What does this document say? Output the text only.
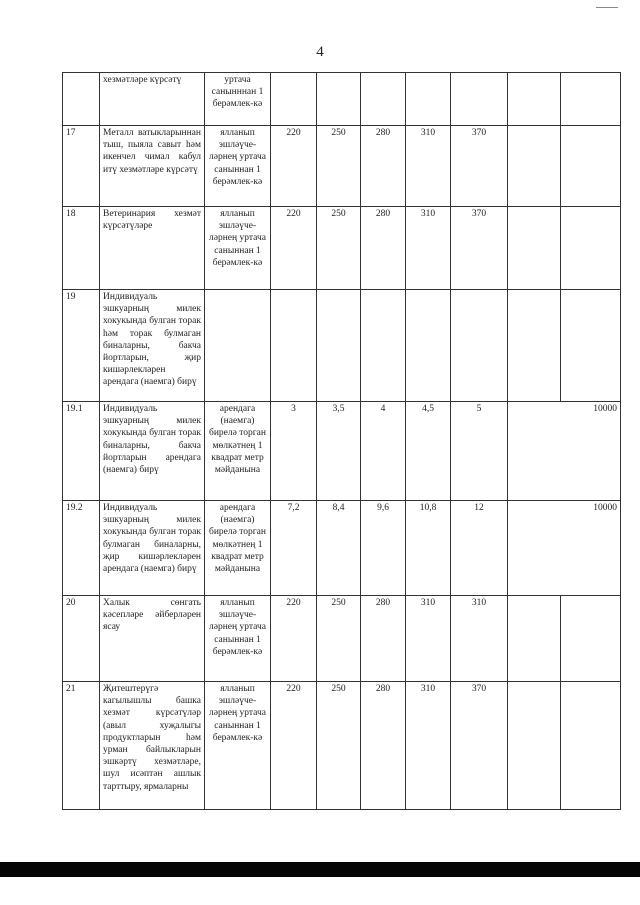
4
	хезмәтләре күрсәтү	уртача санынннан 1 берәмлек-кә							
17	Металл ватыкларыннан тыш, пыяла савыт һәм икенчел чимал кабул итү хезмәтләре күрсәтү	ялланып эшләүче-ләрнең уртача саныннан 1 берәмлек-кә	220	250	280	310	370		
18	Ветеринария хезмәт күрсәтүләре	ялланып эшләүче-ләрнең уртача саныннан 1 берәмлек-кә	220	250	280	310	370		
19	Индивидуаль эшкуарның милек хокукында булган торак һәм торак булмаган биналарны, бакча йортларын, җир кишәрлекләрен арендага (наемга) бирү								
19.1	Индивидуаль эшкуарның милек хокукында булган торак биналарны, бакча йортларын арендага (наемга) бирү	арендага (наемга) бирелә торган мөлкәтнең 1 квадрат метр мәйданына	3	3,5	4	4,5	5	10000	
19.2	Индивидуаль эшкуарның милек хокукында булган торак булмаган биналарны, җир кишәрлекләрен арендага (наемга) бирү	арендага (наемга) бирелә торган мөлкәтнең 1 квадрат метр мәйданына	7,2	8,4	9,6	10,8	12	10000	
20	Халык сөнгать кәсепләре әйберләрен ясау	ялланып эшләүче-ләрнең уртача саныннан 1 берәмлек-кә	220	250	280	310	310		
21	Җитештерүгә кагылышлы башка хезмәт күрсәтүләр (авыл хуҗалыгы продуктларын һәм урман байлыкларын эшкәртү хезмәтләре, шул исәптән ашлык тарттыру, ярмаларны	ялланып эшләүче-ләрнең уртача саныннан 1 берәмлек-кә	220	250	280	310	370		
